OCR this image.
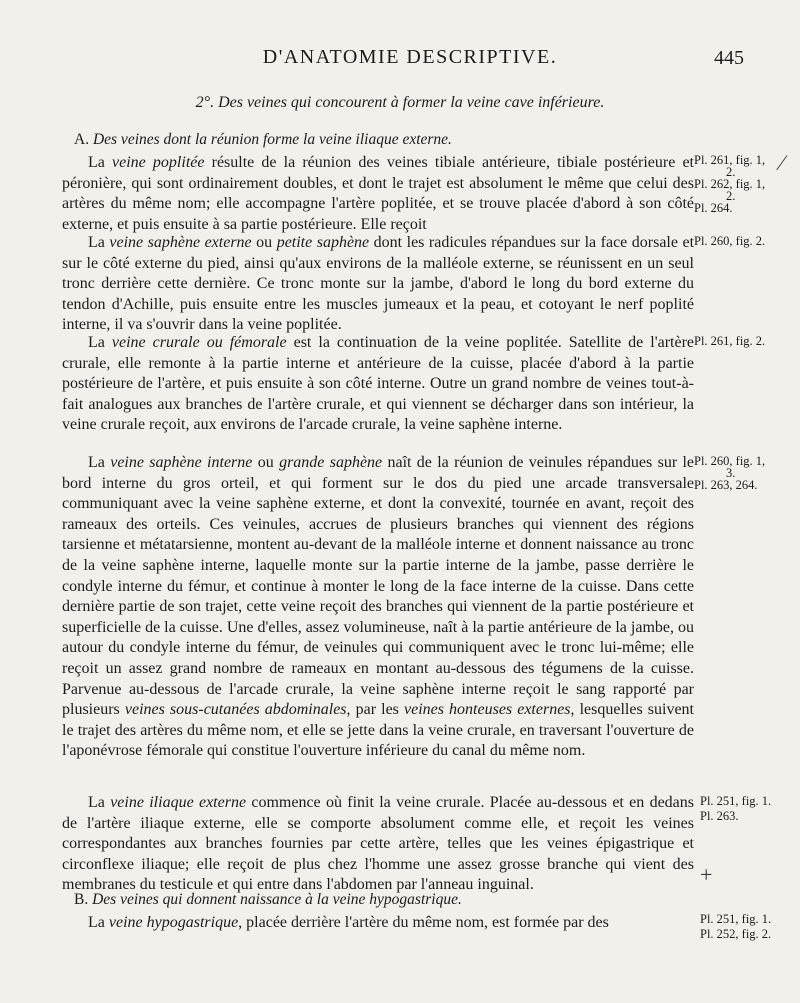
D'ANATOMIE DESCRIPTIVE.	445
2°. Des veines qui concourent à former la veine cave inférieure.
A. Des veines dont la réunion forme la veine iliaque externe.

La veine poplitée résulte de la réunion des veines tibiale antérieure, tibiale postérieure et péronière, qui sont ordinairement doubles, et dont le trajet est absolument le même que celui des artères du même nom; elle accompagne l'artère poplitée, et se trouve placée d'abord à son côté externe, et puis ensuite à sa partie postérieure. Elle reçoit

La veine saphène externe ou petite saphène dont les radicules répandues sur la face dorsale et sur le côté externe du pied, ainsi qu'aux environs de la malléole externe, se réunissent en un seul tronc derrière cette dernière. Ce tronc monte sur la jambe, d'abord le long du bord externe du tendon d'Achille, puis ensuite entre les muscles jumeaux et la peau, et cotoyant le nerf poplité interne, il va s'ouvrir dans la veine poplitée.

La veine crurale ou fémorale est la continuation de la veine poplitée. Satellite de l'artère crurale, elle remonte à la partie interne et antérieure de la cuisse, placée d'abord à la partie postérieure de l'artère, et puis ensuite à son côté interne. Outre un grand nombre de veines tout-à-fait analogues aux branches de l'artère crurale, et qui viennent se décharger dans son intérieur, la veine crurale reçoit, aux environs de l'arcade crurale, la veine saphène interne.

La veine saphène interne ou grande saphène naît de la réunion de veinules répandues sur le bord interne du gros orteil, et qui forment sur le dos du pied une arcade transversale communiquant avec la veine saphène externe, et dont la convexité, tournée en avant, reçoit des rameaux des orteils. Ces veinules, accrues de plusieurs branches qui viennent des régions tarsienne et métatarsienne, montent au-devant de la malléole interne et donnent naissance au tronc de la veine saphène interne, laquelle monte sur la partie interne de la jambe, passe derrière le condyle interne du fémur, et continue à monter le long de la face interne de la cuisse. Dans cette dernière partie de son trajet, cette veine reçoit des branches qui viennent de la partie postérieure et superficielle de la cuisse. Une d'elles, assez volumineuse, naît à la partie antérieure de la jambe, ou autour du condyle interne du fémur, de veinules qui communiquent avec le tronc lui-même; elle reçoit un assez grand nombre de rameaux en montant au-dessous des tégumens de la cuisse. Parvenue au-dessous de l'arcade crurale, la veine saphène interne reçoit le sang rapporté par plusieurs veines sous-cutanées abdominales, par les veines honteuses externes, lesquelles suivent le trajet des artères du même nom, et elle se jette dans la veine crurale, en traversant l'ouverture de l'aponévrose fémorale qui constitue l'ouverture inférieure du canal du même nom.

La veine iliaque externe commence où finit la veine crurale. Placée au-dessous et en dedans de l'artère iliaque externe, elle se comporte absolument comme elle, et reçoit les veines correspondantes aux branches fournies par cette artère, telles que les veines épigastrique et circonflexe iliaque; elle reçoit de plus chez l'homme une assez grosse branche qui vient des membranes du testicule et qui entre dans l'abdomen par l'anneau inguinal.

B. Des veines qui donnent naissance à la veine hypogastrique.

La veine hypogastrique, placée derrière l'artère du même nom, est formée par des

Pl. 261, fig. 1,
2.
Pl. 262, fig. 1,
2.
Pl. 264.
Pl. 260, fig. 2.
Pl. 261, fig. 2.
Pl. 260, fig. 1,
3.
Pl. 263, 264.
Pl. 251, fig. 1.
Pl. 263.
Pl. 251, fig. 1.
Pl. 252, fig. 2.
⁄
+
